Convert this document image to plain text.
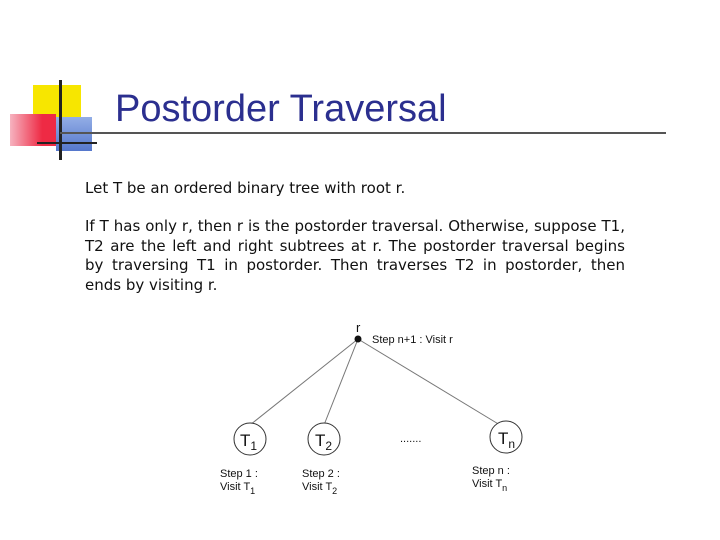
Postorder Traversal
Let T be an ordered binary tree with root r.
If T has only r, then r is the postorder traversal. Otherwise, suppose T1, T2 are the left and right subtrees at r. The postorder traversal begins by traversing T1 in postorder. Then traverses T2 in postorder, then ends by visiting r.
r
Step n+1 : Visit r
$T_1$
Step 1 :
Visit $T_1$
$T_2$
Step 2 :
Visit $T_2$
.......	$T_n$
Step n :
Visit $T_n$
